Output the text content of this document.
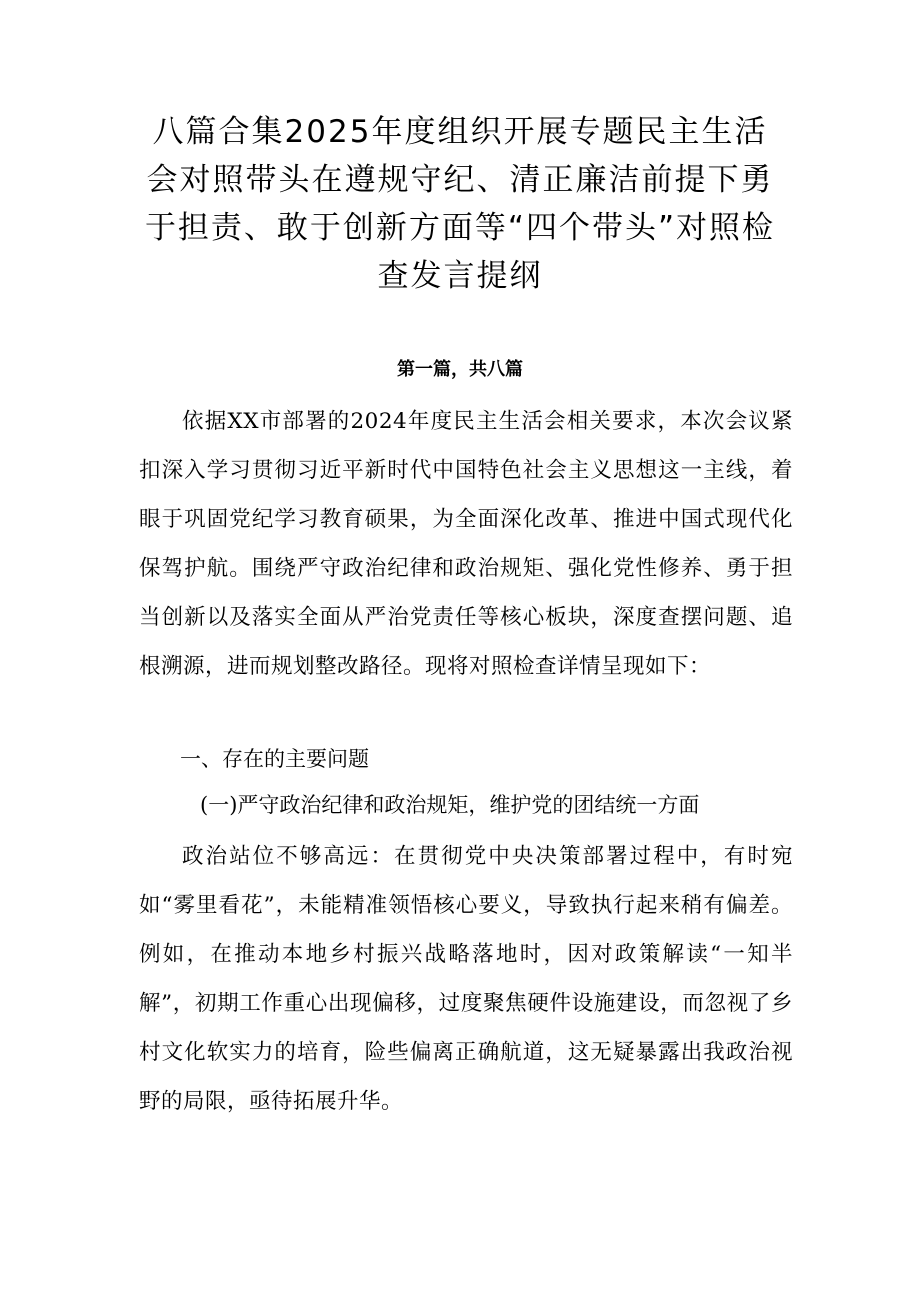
八篇合集2025年度组织开展专题民主生活会对照带头在遵规守纪、清正廉洁前提下勇于担责、敢于创新方面等“四个带头”对照检查发言提纲
第一篇，共八篇

依据XX市部署的2024年度民主生活会相关要求，本次会议紧扣深入学习贯彻习近平新时代中国特色社会主义思想这一主线，着眼于巩固党纪学习教育硕果，为全面深化改革、推进中国式现代化保驾护航。围绕严守政治纪律和政治规矩、强化党性修养、勇于担当创新以及落实全面从严治党责任等核心板块，深度查摆问题、追根溯源，进而规划整改路径。现将对照检查详情呈现如下：

一、存在的主要问题
(一)严守政治纪律和政治规矩，维护党的团结统一方面

政治站位不够高远：在贯彻党中央决策部署过程中，有时宛如“雾里看花”，未能精准领悟核心要义，导致执行起来稍有偏差。例如，在推动本地乡村振兴战略落地时，因对政策解读“一知半解”，初期工作重心出现偏移，过度聚焦硬件设施建设，而忽视了乡村文化软实力的培育，险些偏离正确航道，这无疑暴露出我政治视野的局限，亟待拓展升华。
